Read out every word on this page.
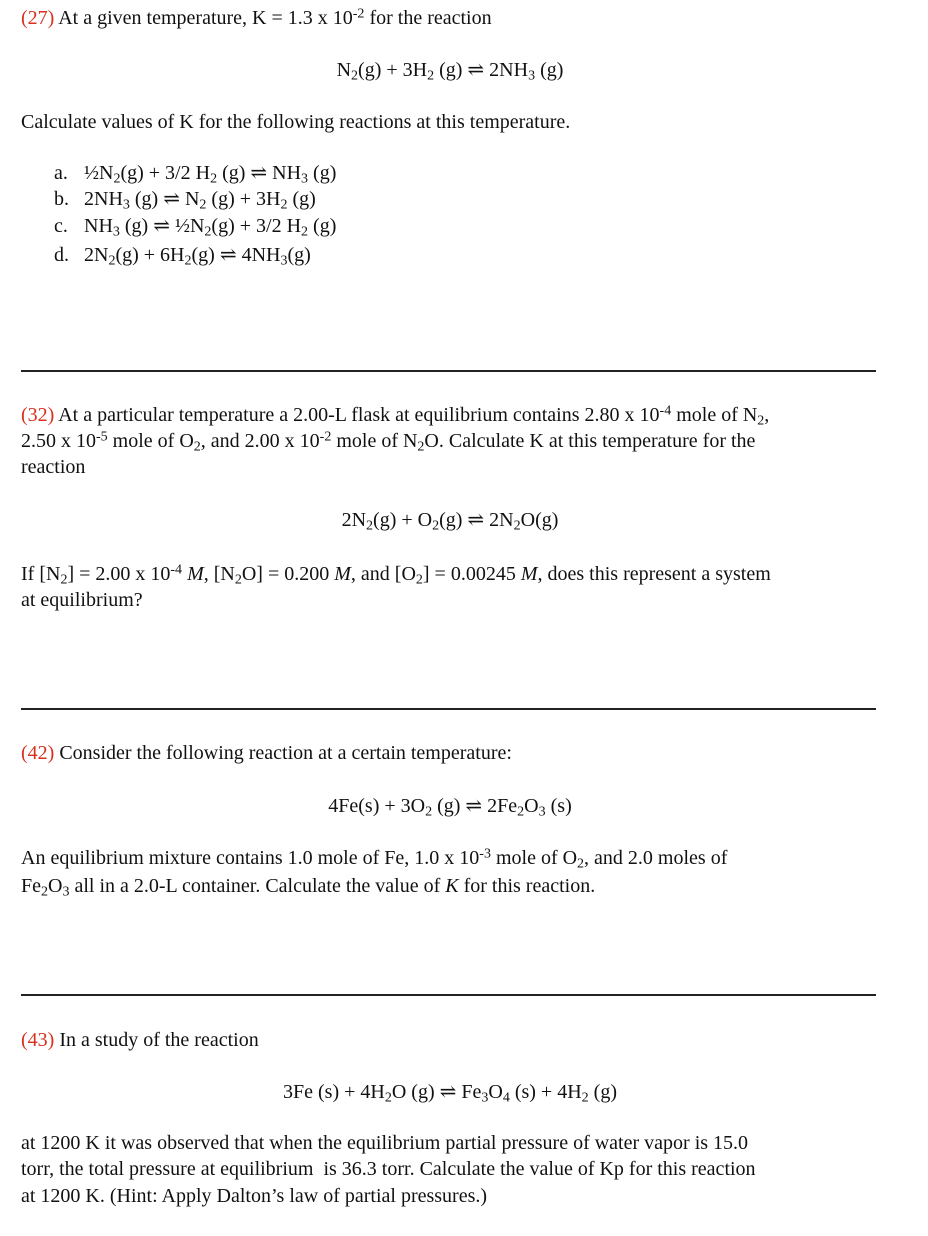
(27) At a given temperature, K = 1.3 x $10^{-2}$ for the reaction
$N_2(g) + 3H_2$ (g) ⇌ $2NH_3$ (g)
Calculate values of K for the following reactions at this temperature.
a. $\frac{1}{2}N_2(g) + 3/2$ $H_2$ (g) ⇌ $NH_3$ (g)
b. $2NH_3$ (g) ⇌ $N_2$ $(g) + 3H_2$ (g)
c. $NH_3$ (g) ⇌ $\frac{1}{2}N_2(g) + 3/2$ $H_2$ (g)
d. $2N_2(g) + 6H_2(g)$ ⇌ $4NH_3(g)$
(32) At a particular temperature a 2.00-L flask at equilibrium contains 2.80 x $10^{-4}$ mole of $N_2$,
2.50 x $10^{-5}$ mole of $O_2$, and 2.00 x $10^{-2}$ mole of $N_2O$. Calculate K at this temperature for the
reaction
$2N_2(g) + O_2(g)$ ⇌ $2N_2O(g)$
If $[N_2] = 2.00$ x $10^{-4}$ M, $[N_2O] = 0.200$ M, and $[O_2] = 0.00245$ M, does this represent a system
at equilibrium?
(42) Consider the following reaction at a certain temperature:
$4Fe(s) + 3O_2$ (g) ⇌ $2Fe_2O_3$ (s)
An equilibrium mixture contains 1.0 mole of Fe, 1.0 x $10^{-3}$ mole of $O_2$, and 2.0 moles of
$Fe_2O_3$ all in a 2.0-L container. Calculate the value of K for this reaction.
(43) In a study of the reaction
3Fe $(s) + 4H_2O$ (g) ⇌ $Fe_3O_4$ $(s) + 4H_2$ (g)
at 1200 K it was observed that when the equilibrium partial pressure of water vapor is 15.0
torr, the total pressure at equilibrium  is 36.3 torr. Calculate the value of Kp for this reaction
at 1200 K. (Hint: Apply Dalton’s law of partial pressures.)
